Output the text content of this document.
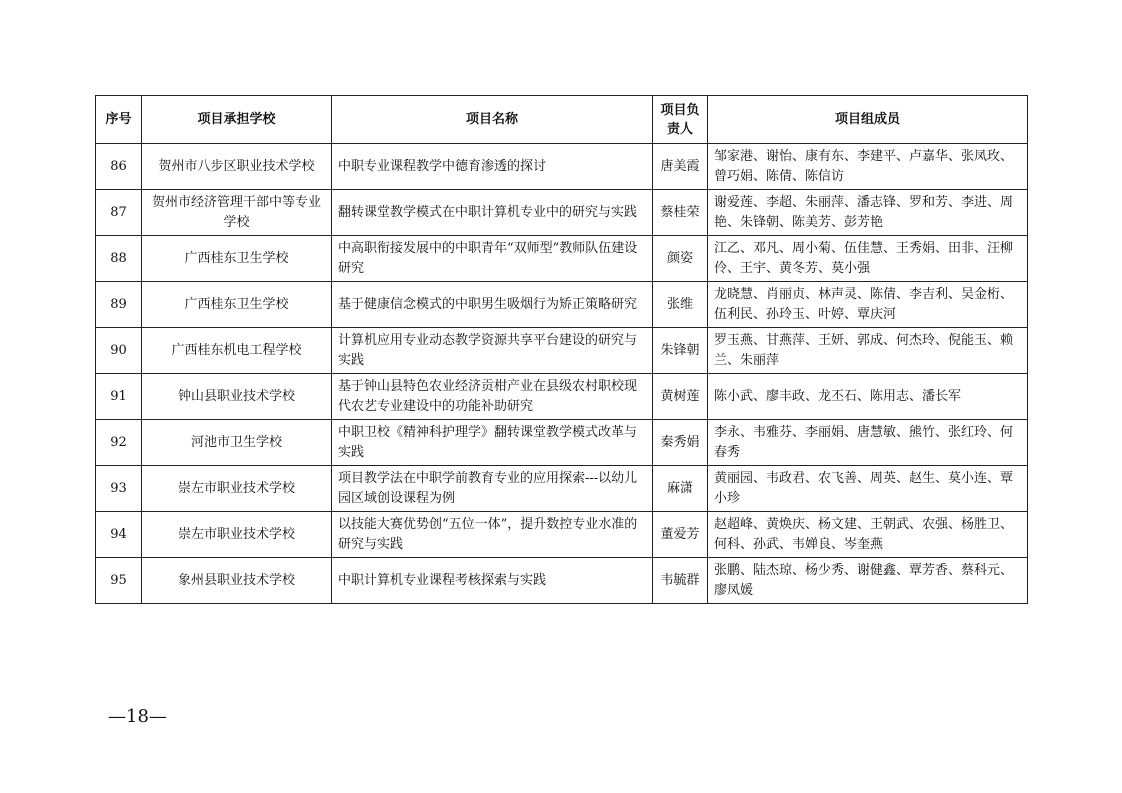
序号	项目承担学校	项目名称	项目负责人	项目组成员
86	贺州市八步区职业技术学校	中职专业课程教学中德育渗透的探讨	唐美霞	邹家港、谢怡、康有东、李建平、卢嘉华、张凤玫、曾巧娟、陈倩、陈信访
87	贺州市经济管理干部中等专业学校	翻转课堂教学模式在中职计算机专业中的研究与实践	蔡桂荣	谢爱莲、李超、朱丽萍、潘志锋、罗和芳、李进、周艳、朱锋朝、陈美芳、彭芳艳
88	广西桂东卫生学校	中高职衔接发展中的中职青年“双师型”教师队伍建设研究	颜姿	江乙、邓凡、周小菊、伍佳慧、王秀娟、田非、汪柳伶、王宇、黄冬芳、莫小强
89	广西桂东卫生学校	基于健康信念模式的中职男生吸烟行为矫正策略研究	张维	龙晓慧、肖丽贞、林声灵、陈倩、李吉利、吴金桁、伍利民、孙玲玉、叶婷、覃庆河
90	广西桂东机电工程学校	计算机应用专业动态教学资源共享平台建设的研究与实践	朱锋朝	罗玉燕、甘燕萍、王妍、郭成、何杰玲、倪能玉、赖兰、朱丽萍
91	钟山县职业技术学校	基于钟山县特色农业经济贡柑产业在县级农村职校现代农艺专业建设中的功能补助研究	黄树莲	陈小武、廖丰政、龙丕石、陈用志、潘长军
92	河池市卫生学校	中职卫校《精神科护理学》翻转课堂教学模式改革与实践	秦秀娟	李永、韦雅芬、李丽娟、唐慧敏、熊竹、张红玲、何春秀
93	崇左市职业技术学校	项目教学法在中职学前教育专业的应用探索---以幼儿园区域创设课程为例	麻潇	黄丽园、韦政君、农飞善、周英、赵生、莫小连、覃小珍
94	崇左市职业技术学校	以技能大赛优势创“五位一体”，提升数控专业水准的研究与实践	董爱芳	赵超峰、黄焕庆、杨文建、王朝武、农强、杨胜卫、何科、孙武、韦婵良、岑奎燕
95	象州县职业技术学校	中职计算机专业课程考核探索与实践	韦毓群	张鹏、陆杰琼、杨少秀、谢健鑫、覃芳香、蔡科元、廖凤媛
—18—
